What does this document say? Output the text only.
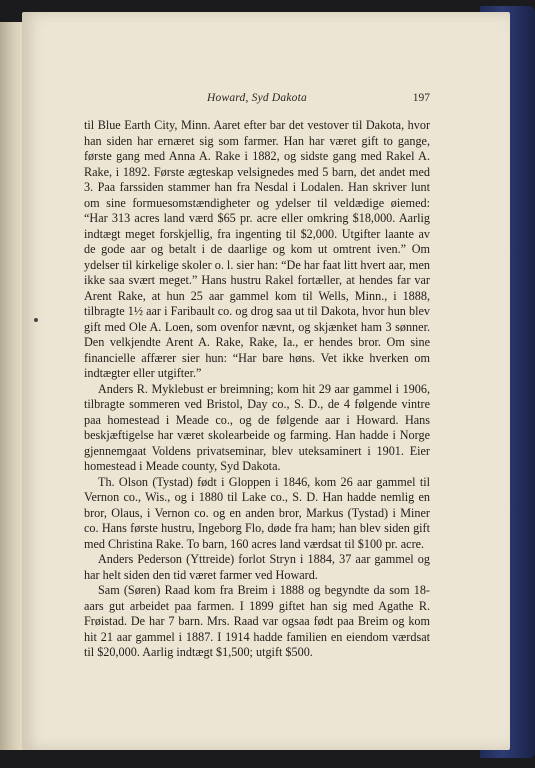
Howard, Syd Dakota	197

til Blue Earth City, Minn. Aaret efter bar det vestover til Dakota, hvor han siden har ernæret sig som farmer. Han har været gift to gange, første gang med Anna A. Rake i 1882, og sidste gang med Rakel A. Rake, i 1892. Første ægteskap velsignedes med 5 barn, det andet med 3. Paa farssiden stammer han fra Nesdal i Lodalen. Han skriver lunt om sine formuesomstændigheter og ydelser til veldædige øiemed: “Har 313 acres land værd $65 pr. acre eller omkring $18,000. Aarlig indtægt meget forskjellig, fra ingenting til $2,000. Utgifter laante av de gode aar og betalt i de daarlige og kom ut omtrent iven.” Om ydelser til kirkelige skoler o. l. sier han: “De har faat litt hvert aar, men ikke saa svært meget.” Hans hustru Rakel fortæller, at hendes far var Arent Rake, at hun 25 aar gammel kom til Wells, Minn., i 1888, tilbragte 1½ aar i Faribault co. og drog saa ut til Dakota, hvor hun blev gift med Ole A. Loen, som ovenfor nævnt, og skjænket ham 3 sønner. Den velkjendte Arent A. Rake, Rake, Ia., er hendes bror. Om sine financielle affærer sier hun: “Har bare høns. Vet ikke hverken om indtægter eller utgifter.”

Anders R. Myklebust er breimning; kom hit 29 aar gammel i 1906, tilbragte sommeren ved Bristol, Day co., S. D., de 4 følgende vintre paa homestead i Meade co., og de følgende aar i Howard. Hans beskjæftigelse har været skolearbeide og farming. Han hadde i Norge gjennemgaat Voldens privatseminar, blev uteksaminert i 1901. Eier homestead i Meade county, Syd Dakota.

Th. Olson (Tystad) født i Gloppen i 1846, kom 26 aar gammel til Vernon co., Wis., og i 1880 til Lake co., S. D. Han hadde nemlig en bror, Olaus, i Vernon co. og en anden bror, Markus (Tystad) i Miner co. Hans første hustru, Ingeborg Flo, døde fra ham; han blev siden gift med Christina Rake. To barn, 160 acres land værdsat til $100 pr. acre.

Anders Pederson (Yttreide) forlot Stryn i 1884, 37 aar gammel og har helt siden den tid været farmer ved Howard.

Sam (Søren) Raad kom fra Breim i 1888 og begyndte da som 18-aars gut arbeidet paa farmen. I 1899 giftet han sig med Agathe R. Frøistad. De har 7 barn. Mrs. Raad var ogsaa født paa Breim og kom hit 21 aar gammel i 1887. I 1914 hadde familien en eiendom værdsat til $20,000. Aarlig indtægt $1,500; utgift $500.
